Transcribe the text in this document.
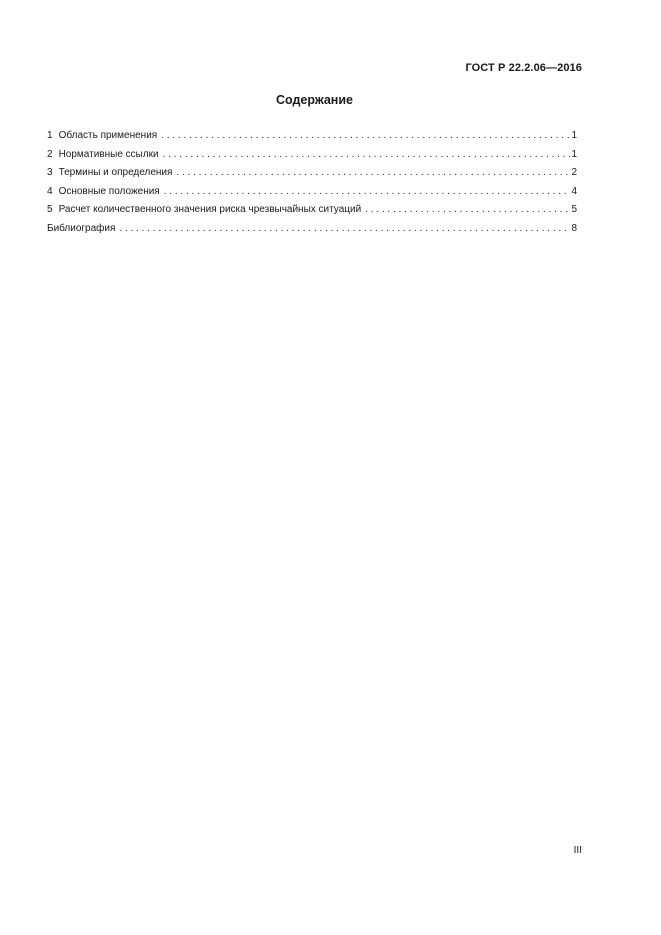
ГОСТ Р 22.2.06—2016
Содержание
1 Область применения . . .	1
2 Нормативные ссылки . . .	1
3 Термины и определения . . .	2
4 Основные положения . . .	4
5 Расчет количественного значения риска чрезвычайных ситуаций . . .	5
Библиография . . .	8
III
